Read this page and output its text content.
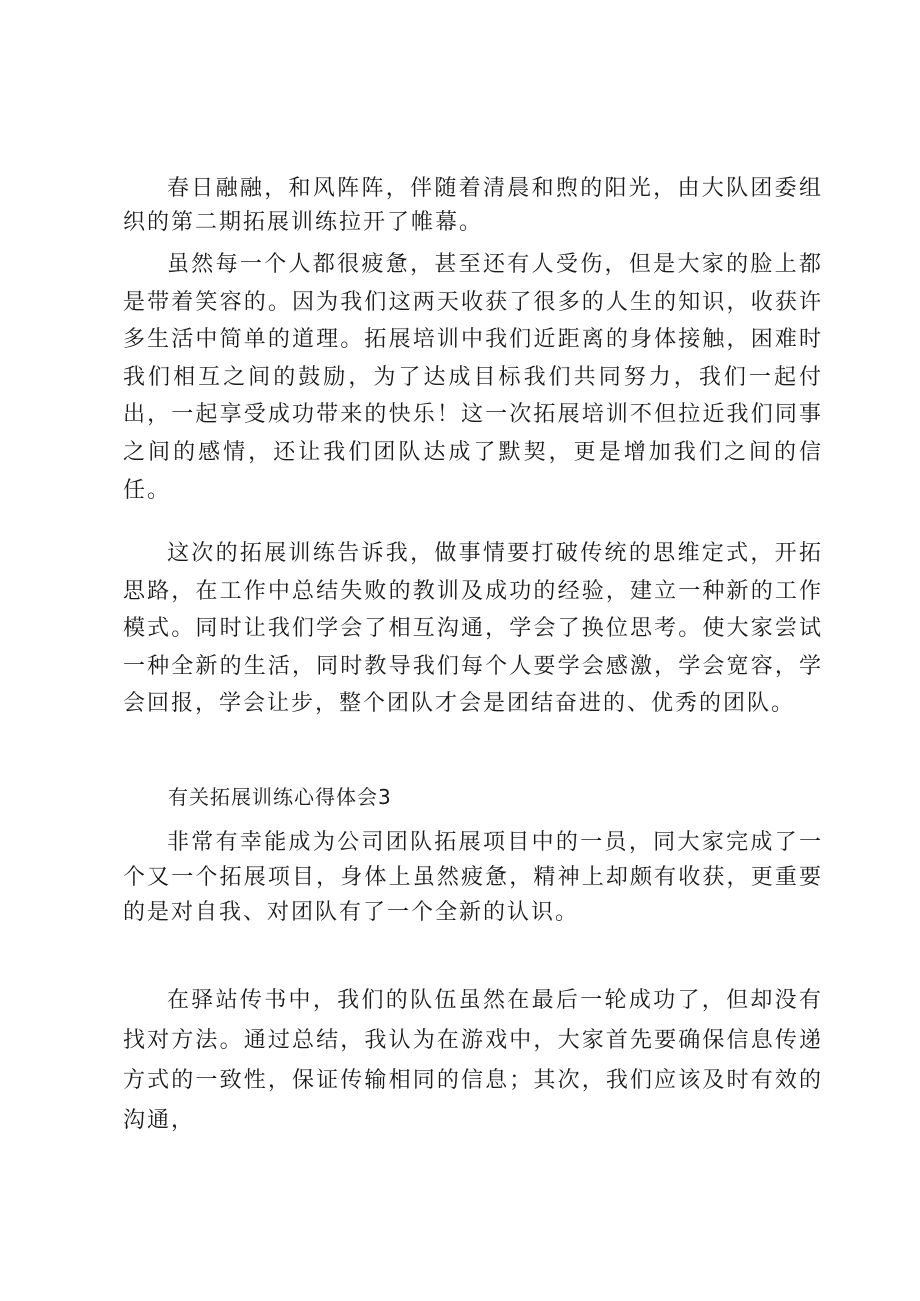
春日融融，和风阵阵，伴随着清晨和煦的阳光，由大队团委组织的第二期拓展训练拉开了帷幕。

虽然每一个人都很疲惫，甚至还有人受伤，但是大家的脸上都是带着笑容的。因为我们这两天收获了很多的人生的知识，收获许多生活中简单的道理。拓展培训中我们近距离的身体接触，困难时我们相互之间的鼓励，为了达成目标我们共同努力，我们一起付出，一起享受成功带来的快乐！这一次拓展培训不但拉近我们同事之间的感情，还让我们团队达成了默契，更是增加我们之间的信任。

这次的拓展训练告诉我，做事情要打破传统的思维定式，开拓思路，在工作中总结失败的教训及成功的经验，建立一种新的工作模式。同时让我们学会了相互沟通，学会了换位思考。使大家尝试一种全新的生活，同时教导我们每个人要学会感激，学会宽容，学会回报，学会让步，整个团队才会是团结奋进的、优秀的团队。

有关拓展训练心得体会3

非常有幸能成为公司团队拓展项目中的一员，同大家完成了一个又一个拓展项目，身体上虽然疲惫，精神上却颇有收获，更重要的是对自我、对团队有了一个全新的认识。

在驿站传书中，我们的队伍虽然在最后一轮成功了，但却没有找对方法。通过总结，我认为在游戏中，大家首先要确保信息传递方式的一致性，保证传输相同的信息；其次，我们应该及时有效的沟通，
